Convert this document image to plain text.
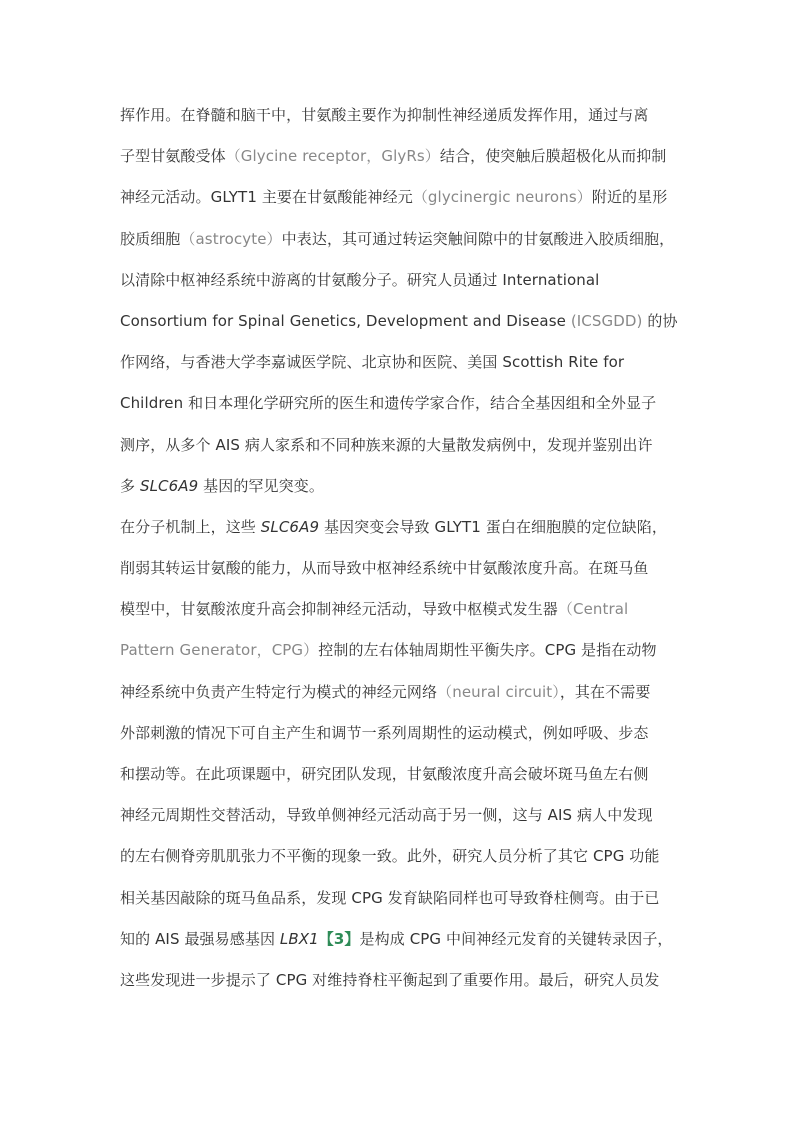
挥作用。在脊髓和脑干中，甘氨酸主要作为抑制性神经递质发挥作用，通过与离
子型甘氨酸受体（Glycine receptor，GlyRs）结合，使突触后膜超极化从而抑制
神经元活动。GLYT1 主要在甘氨酸能神经元（glycinergic neurons）附近的星形
胶质细胞（astrocyte）中表达，其可通过转运突触间隙中的甘氨酸进入胶质细胞，
以清除中枢神经系统中游离的甘氨酸分子。研究人员通过 International
Consortium for Spinal Genetics, Development and Disease (ICSGDD) 的协
作网络，与香港大学李嘉诚医学院、北京协和医院、美国 Scottish Rite for
Children 和日本理化学研究所的医生和遗传学家合作，结合全基因组和全外显子
测序，从多个 AIS 病人家系和不同种族来源的大量散发病例中，发现并鉴别出许
多 SLC6A9 基因的罕见突变。
在分子机制上，这些 SLC6A9 基因突变会导致 GLYT1 蛋白在细胞膜的定位缺陷，
削弱其转运甘氨酸的能力，从而导致中枢神经系统中甘氨酸浓度升高。在斑马鱼
模型中，甘氨酸浓度升高会抑制神经元活动，导致中枢模式发生器（Central
Pattern Generator，CPG）控制的左右体轴周期性平衡失序。CPG 是指在动物
神经系统中负责产生特定行为模式的神经元网络（neural circuit），其在不需要
外部刺激的情况下可自主产生和调节一系列周期性的运动模式，例如呼吸、步态
和摆动等。在此项课题中，研究团队发现，甘氨酸浓度升高会破坏斑马鱼左右侧
神经元周期性交替活动，导致单侧神经元活动高于另一侧，这与 AIS 病人中发现
的左右侧脊旁肌肌张力不平衡的现象一致。此外，研究人员分析了其它 CPG 功能
相关基因敲除的斑马鱼品系，发现 CPG 发育缺陷同样也可导致脊柱侧弯。由于已
知的 AIS 最强易感基因 LBX1【3】是构成 CPG 中间神经元发育的关键转录因子，
这些发现进一步提示了 CPG 对维持脊柱平衡起到了重要作用。最后，研究人员发
